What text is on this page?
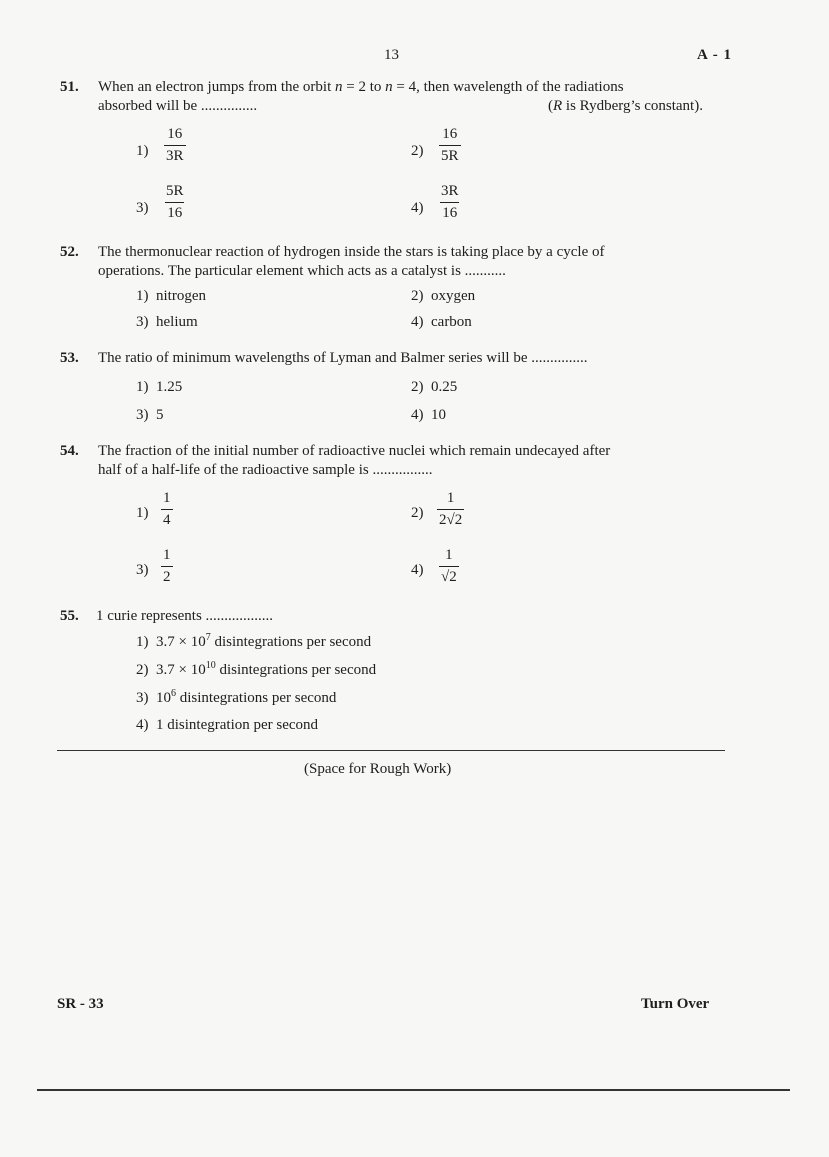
13	A - 1
51. When an electron jumps from the orbit n = 2 to n = 4, then wavelength of the radiations
absorbed will be ...............	(R is Rydberg’s constant).
$1) \frac{16}{3R}$	$2) \frac{16}{5R}$
$3) \frac{5R}{16}$	$4) \frac{3R}{16}$
52. The thermonuclear reaction of hydrogen inside the stars is taking place by a cycle of
operations. The particular element which acts as a catalyst is ...........
1) nitrogen	2) oxygen
3) helium	4) carbon
53. The ratio of minimum wavelengths of Lyman and Balmer series will be ...............
1) 1.25	2) 0.25
3) 5	4) 10
54. The fraction of the initial number of radioactive nuclei which remain undecayed after
half of a half-life of the radioactive sample is ................
$1) \frac{1}{4}$	$2) \frac{1}{2√2}$
$3) \frac{1}{2}$	$4) \frac{1}{√2}$
55. 1 curie represents ..................
1) $3.7 \times 10^7$ disintegrations per second
2) $3.7 \times 10^{10}$ disintegrations per second
3) $10^6$ disintegrations per second
4) 1 disintegration per second
(Space for Rough Work)
SR - 33	Turn Over
